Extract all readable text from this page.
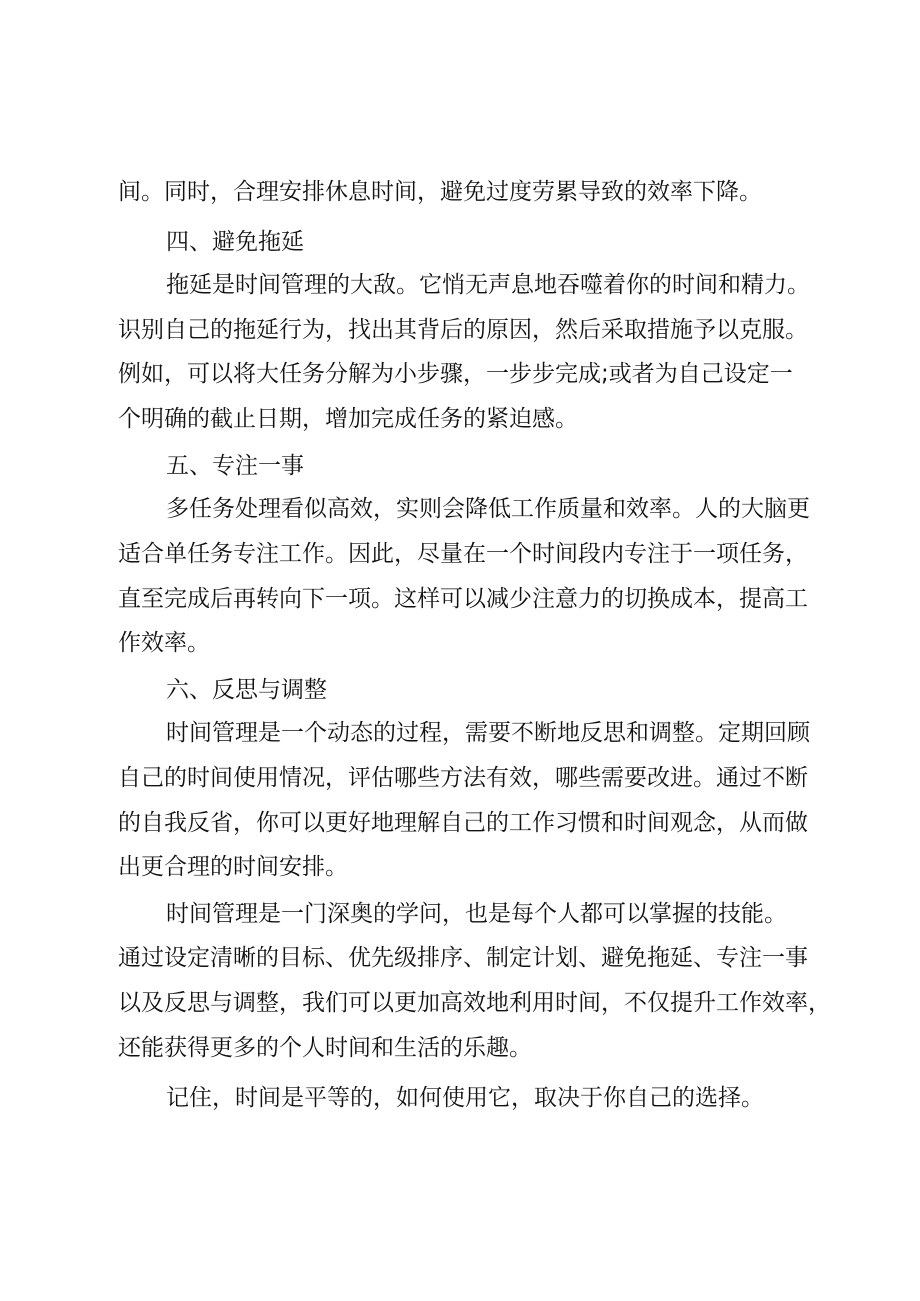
间。同时，合理安排休息时间，避免过度劳累导致的效率下降。
四、避免拖延
拖延是时间管理的大敌。它悄无声息地吞噬着你的时间和精力。
识别自己的拖延行为，找出其背后的原因，然后采取措施予以克服。
例如，可以将大任务分解为小步骤，一步步完成;或者为自己设定一
个明确的截止日期，增加完成任务的紧迫感。
五、专注一事
多任务处理看似高效，实则会降低工作质量和效率。人的大脑更
适合单任务专注工作。因此，尽量在一个时间段内专注于一项任务，
直至完成后再转向下一项。这样可以减少注意力的切换成本，提高工
作效率。
六、反思与调整
时间管理是一个动态的过程，需要不断地反思和调整。定期回顾
自己的时间使用情况，评估哪些方法有效，哪些需要改进。通过不断
的自我反省，你可以更好地理解自己的工作习惯和时间观念，从而做
出更合理的时间安排。
时间管理是一门深奥的学问，也是每个人都可以掌握的技能。
通过设定清晰的目标、优先级排序、制定计划、避免拖延、专注一事
以及反思与调整，我们可以更加高效地利用时间，不仅提升工作效率，
还能获得更多的个人时间和生活的乐趣。
记住，时间是平等的，如何使用它，取决于你自己的选择。
